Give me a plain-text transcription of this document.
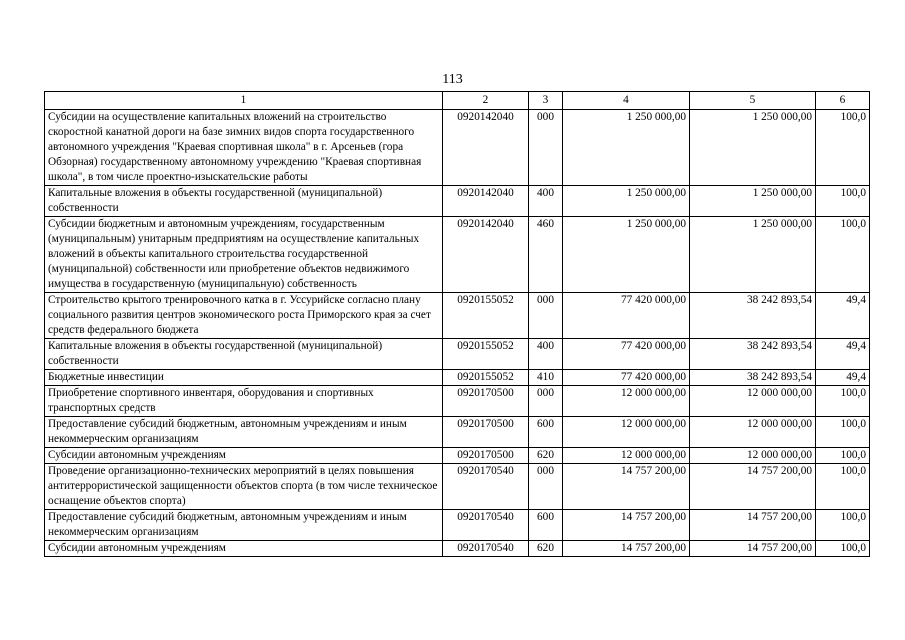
113
1	2	3	4	5	6
Субсидии на осуществление капитальных вложений на строительство скоростной канатной дороги на базе зимних видов спорта государственного автономного учреждения "Краевая спортивная школа" в г. Арсеньев (гора Обзорная) государственному автономному учреждению "Краевая спортивная школа", в том числе проектно-изыскательские работы	0920142040	000	1 250 000,00	1 250 000,00	100,0
Капитальные вложения в объекты государственной (муниципальной) собственности	0920142040	400	1 250 000,00	1 250 000,00	100,0
Субсидии бюджетным и автономным учреждениям, государственным (муниципальным) унитарным предприятиям на осуществление капитальных вложений в объекты капитального строительства государственной (муниципальной) собственности или приобретение объектов недвижимого имущества в государственную (муниципальную) собственность	0920142040	460	1 250 000,00	1 250 000,00	100,0
Строительство крытого тренировочного катка в г. Уссурийске согласно плану социального развития центров экономического роста Приморского края за счет средств федерального бюджета	0920155052	000	77 420 000,00	38 242 893,54	49,4
Капитальные вложения в объекты государственной (муниципальной) собственности	0920155052	400	77 420 000,00	38 242 893,54	49,4
Бюджетные инвестиции	0920155052	410	77 420 000,00	38 242 893,54	49,4
Приобретение спортивного инвентаря, оборудования и спортивных транспортных средств	0920170500	000	12 000 000,00	12 000 000,00	100,0
Предоставление субсидий бюджетным, автономным учреждениям и иным некоммерческим организациям	0920170500	600	12 000 000,00	12 000 000,00	100,0
Субсидии автономным учреждениям	0920170500	620	12 000 000,00	12 000 000,00	100,0
Проведение организационно-технических мероприятий в целях повышения антитеррористической защищенности объектов спорта (в том числе техническое оснащение объектов спорта)	0920170540	000	14 757 200,00	14 757 200,00	100,0
Предоставление субсидий бюджетным, автономным учреждениям и иным некоммерческим организациям	0920170540	600	14 757 200,00	14 757 200,00	100,0
Субсидии автономным учреждениям	0920170540	620	14 757 200,00	14 757 200,00	100,0
